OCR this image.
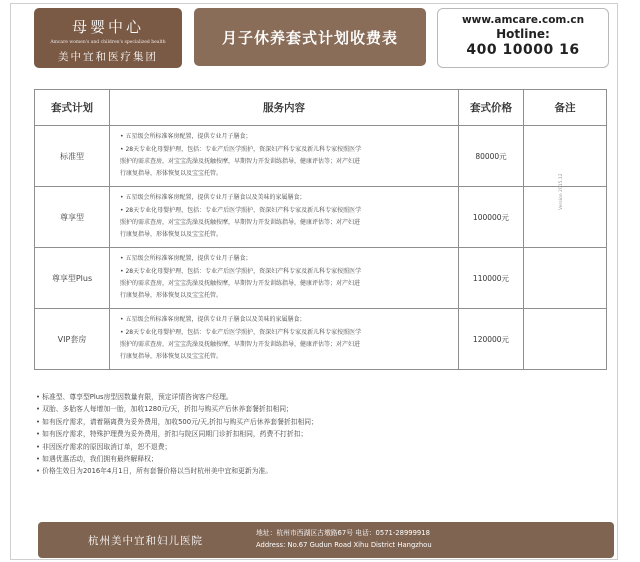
母婴中心
Amcare women's and children's specialized health
美中宜和医疗集团
月子休养套式计划收费表
www.amcare.com.cn
Hotline:
400 10000 16
套式计划	服务内容	套式价格	备注
标准型	• 五星级会所标准客房配置，提供专业月子膳食；
• 28天专业化母婴护理，包括：专业产后医学照护，资深妇产科专家及新儿科专家按照医学
照护的需求查房，对宝宝洗澡及抚触按摩，早期智力开发训练指导，健康评估等；对产妇进
行康复指导，形体恢复以及宝宝托管。	80000元	
尊享型	• 五星级会所标准客房配置，提供专业月子膳食以及美味的家属膳食；
• 28天专业化母婴护理，包括：专业产后医学照护，资深妇产科专家及新儿科专家按照医学
照护的需求查房，对宝宝洗澡及抚触按摩，早期智力开发训练指导，健康评估等；对产妇进
行康复指导，形体恢复以及宝宝托管。	100000元	
尊享型Plus	• 五星级会所标准客房配置，提供专业月子膳食；
• 28天专业化母婴护理，包括：专业产后医学照护，资深妇产科专家及新儿科专家按照医学
照护的需求查房，对宝宝洗澡及抚触按摩，早期智力开发训练指导，健康评估等；对产妇进
行康复指导，形体恢复以及宝宝托管。	110000元	
VIP套房	• 五星级会所标准客房配置，提供专业月子膳食以及美味的家属膳食；
• 28天专业化母婴护理，包括：专业产后医学照护，资深妇产科专家及新儿科专家按照医学
照护的需求查房，对宝宝洗澡及抚触按摩，早期智力开发训练指导，健康评估等；对产妇进
行康复指导，形体恢复以及宝宝托管。	120000元	
Version 2015.12
• 标准型、尊享型Plus房型因数量有限，预定详情咨询客户经理。
• 双胎、多胎客人每增加一胎，加收1280元/天，折扣与购买产后休养套餐折扣相同；
• 如有医疗需求，请着隔离费为妥外费用，加收500元/天,折扣与购买产后休养套餐折扣相同；
• 如有医疗需求，特殊护理费为妥外费用，折扣与院区同期门诊折扣相同，药费不打折扣；
• 非因医疗需求的原因取消订单，恕不退费；
• 如遇优惠活动，我们拥有最终解释权；
• 价格生效日为2016年4月1日，所有套餐价格以当时杭州美中宜和更新为准。
杭州美中宜和妇儿医院
地址：杭州市西湖区古墩路67号 电话：0571-28999918
Address: No.67 Gudun Road Xihu District Hangzhou
